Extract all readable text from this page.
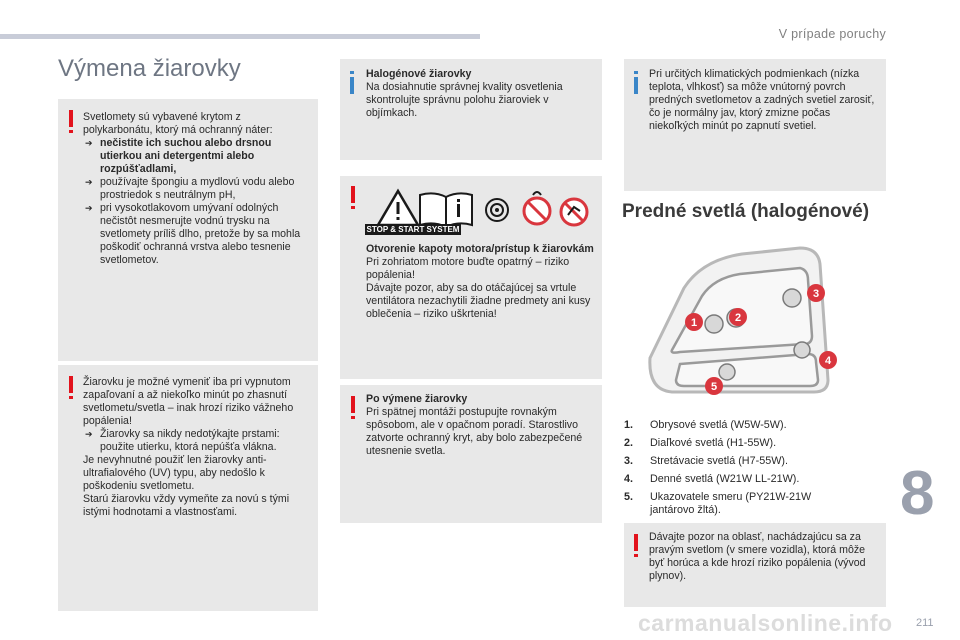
V prípade poruchy
Výmena žiarovky
Svetlomety sú vybavené krytom z polykarbonátu, ktorý má ochranný náter:
➔ nečistite ich suchou alebo drsnou utierkou ani detergentmi alebo rozpúšťadlami,
➔ používajte špongiu a mydlovú vodu alebo prostriedok s neutrálnym pH,
➔ pri vysokotlakovom umývaní odolných nečistôt nesmerujte vodnú trysku na svetlomety príliš dlho, pretože by sa mohla poškodiť ochranná vrstva alebo tesnenie svetlometov.
Žiarovku je možné vymeniť iba pri vypnutom zapaľovaní a až niekoľko minút po zhasnutí svetlometu/svetla – inak hrozí riziko vážneho popálenia!
➔ Žiarovky sa nikdy nedotýkajte prstami: použite utierku, ktorá nepúšťa vlákna.
Je nevyhnutné použiť len žiarovky anti-ultrafialového (UV) typu, aby nedošlo k poškodeniu svetlometu.
Starú žiarovku vždy vymeňte za novú s tými istými hodnotami a vlastnosťami.
Halogénové žiarovky
Na dosiahnutie správnej kvality osvetlenia skontrolujte správnu polohu žiaroviek v objímkach.
Otvorenie kapoty motora/prístup k žiarovkám
Pri zohriatom motore buďte opatrný – riziko popálenia!
Dávajte pozor, aby sa do otáčajúcej sa vrtule ventilátora nezachytili žiadne predmety ani kusy oblečenia – riziko uškrtenia!
STOP & START SYSTEM
Po výmene žiarovky
Pri spätnej montáži postupujte rovnakým spôsobom, ale v opačnom poradí. Starostlivo zatvorte ochranný kryt, aby bolo zabezpečené utesnenie svetla.
Pri určitých klimatických podmienkach (nízka teplota, vlhkosť) sa môže vnútorný povrch predných svetlometov a zadných svetiel zarosiť, čo je normálny jav, ktorý zmizne počas niekoľkých minút po zapnutí svetiel.
Predné svetlá (halogénové)
1	2
3
4
5
1. Obrysové svetlá (W5W-5W).
2. Diaľkové svetlá (H1-55W).
3. Stretávacie svetlá (H7-55W).
4. Denné svetlá (W21W LL-21W).
5. Ukazovatele smeru (PY21W-21W jantárovo žltá).
Dávajte pozor na oblasť, nachádzajúcu sa za pravým svetlom (v smere vozidla), ktorá môže byť horúca a kde hrozí riziko popálenia (vývod plynov).
8
carmanualsonline.info 211
